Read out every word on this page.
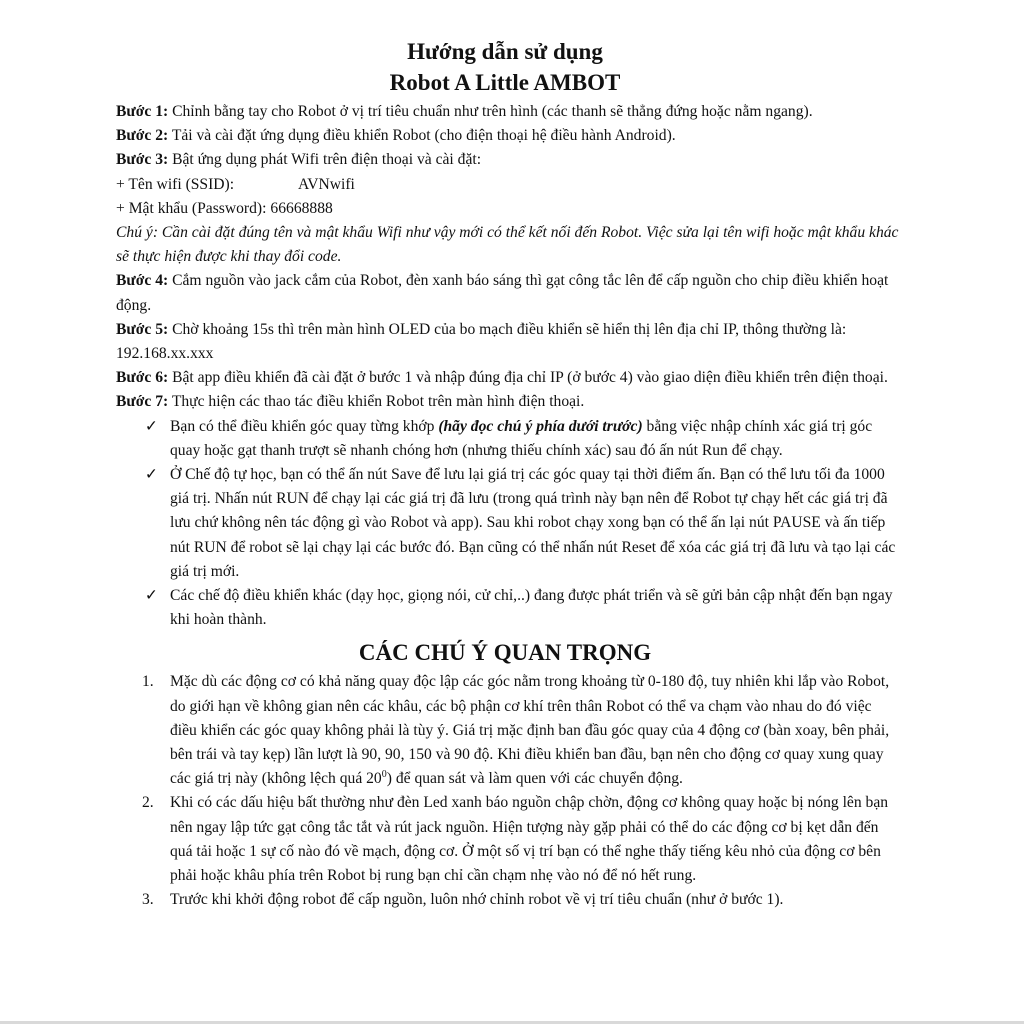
Hướng dẫn sử dụng

Robot A Little AMBOT

Bước 1: Chỉnh bằng tay cho Robot ở vị trí tiêu chuẩn như trên hình (các thanh sẽ thẳng đứng hoặc nằm ngang).

Bước 2: Tải và cài đặt ứng dụng điều khiển Robot (cho điện thoại hệ điều hành Android).

Bước 3: Bật ứng dụng phát Wifi trên điện thoại và cài đặt:

+ Tên wifi (SSID):	AVNwifi
+ Mật khẩu (Password): 66668888

Chú ý: Cần cài đặt đúng tên và mật khẩu Wifi như vậy mới có thể kết nối đến Robot. Việc sửa lại tên wifi hoặc mật khẩu khác sẽ thực hiện được khi thay đổi code.

Bước 4: Cắm nguồn vào jack cắm của Robot, đèn xanh báo sáng thì gạt công tắc lên để cấp nguồn cho chip điều khiển hoạt động.

Bước 5: Chờ khoảng 15s thì trên màn hình OLED của bo mạch điều khiển sẽ hiển thị lên địa chỉ IP, thông thường là: 192.168.xx.xxx

Bước 6: Bật app điều khiển đã cài đặt ở bước 1 và nhập đúng địa chỉ IP (ở bước 4) vào giao diện điều khiển trên điện thoại.

Bước 7: Thực hiện các thao tác điều khiển Robot trên màn hình điện thoại.

✓ Bạn có thể điều khiển góc quay từng khớp (hãy đọc chú ý phía dưới trước) bằng việc nhập chính xác giá trị góc quay hoặc gạt thanh trượt sẽ nhanh chóng hơn (nhưng thiếu chính xác) sau đó ấn nút Run để chạy.
✓ Ở Chế độ tự học, bạn có thể ấn nút Save để lưu lại giá trị các góc quay tại thời điểm ấn. Bạn có thể lưu tối đa 1000 giá trị. Nhấn nút RUN để chạy lại các giá trị đã lưu (trong quá trình này bạn nên để Robot tự chạy hết các giá trị đã lưu chứ không nên tác động gì vào Robot và app). Sau khi robot chạy xong bạn có thể ấn lại nút PAUSE và ấn tiếp nút RUN để robot sẽ lại chạy lại các bước đó. Bạn cũng có thể nhấn nút Reset để xóa các giá trị đã lưu và tạo lại các giá trị mới.
✓ Các chế độ điều khiển khác (dạy học, giọng nói, cử chỉ,..) đang được phát triển và sẽ gửi bản cập nhật đến bạn ngay khi hoàn thành.

CÁC CHÚ Ý QUAN TRỌNG

1.	Mặc dù các động cơ có khả năng quay độc lập các góc nằm trong khoảng từ 0-180 độ, tuy nhiên khi lắp vào Robot, do giới hạn về không gian nên các khâu, các bộ phận cơ khí trên thân Robot có thể va chạm vào nhau do đó việc điều khiển các góc quay không phải là tùy ý. Giá trị mặc định ban đầu góc quay của 4 động cơ (bàn xoay, bên phải, bên trái và tay kẹp) lần lượt là 90, 90, 150 và 90 độ. Khi điều khiển ban đầu, bạn nên cho động cơ quay xung quay các giá trị này (không lệch quá $20^0$) để quan sát và làm quen với các chuyển động.
2.	Khi có các dấu hiệu bất thường như đèn Led xanh báo nguồn chập chờn, động cơ không quay hoặc bị nóng lên bạn nên ngay lập tức gạt công tắc tắt và rút jack nguồn. Hiện tượng này gặp phải có thể do các động cơ bị kẹt dẫn đến quá tải hoặc 1 sự cố nào đó về mạch, động cơ. Ở một số vị trí bạn có thể nghe thấy tiếng kêu nhỏ của động cơ bên phải hoặc khâu phía trên Robot bị rung bạn chỉ cần chạm nhẹ vào nó để nó hết rung.
3.	Trước khi khởi động robot để cấp nguồn, luôn nhớ chỉnh robot về vị trí tiêu chuẩn (như ở bước 1).
